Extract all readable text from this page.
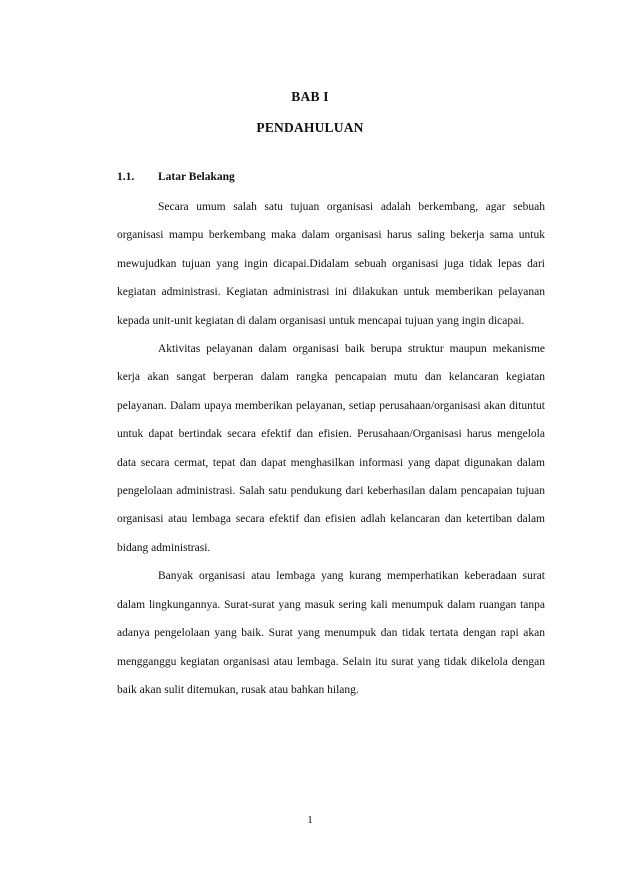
BAB I
PENDAHULUAN
1.1. Latar Belakang

Secara umum salah satu tujuan organisasi adalah berkembang, agar sebuah organisasi mampu berkembang maka dalam organisasi harus saling bekerja sama untuk mewujudkan tujuan yang ingin dicapai.Didalam sebuah organisasi juga tidak lepas dari kegiatan administrasi. Kegiatan administrasi ini dilakukan untuk memberikan pelayanan kepada unit-unit kegiatan di dalam organisasi untuk mencapai tujuan yang ingin dicapai.

Aktivitas pelayanan dalam organisasi baik berupa struktur maupun mekanisme kerja akan sangat berperan dalam rangka pencapaian mutu dan kelancaran kegiatan pelayanan. Dalam upaya memberikan pelayanan, setiap perusahaan/organisasi akan dituntut untuk dapat bertindak secara efektif dan efisien. Perusahaan/Organisasi harus mengelola data secara cermat, tepat dan dapat menghasilkan informasi yang dapat digunakan dalam pengelolaan administrasi. Salah satu pendukung dari keberhasilan dalam pencapaian tujuan organisasi atau lembaga secara efektif dan efisien adlah kelancaran dan ketertiban dalam bidang administrasi.

Banyak organisasi atau lembaga yang kurang memperhatikan keberadaan surat dalam lingkungannya. Surat-surat yang masuk sering kali menumpuk dalam ruangan tanpa adanya pengelolaan yang baik. Surat yang menumpuk dan tidak tertata dengan rapi akan mengganggu kegiatan organisasi atau lembaga. Selain itu surat yang tidak dikelola dengan baik akan sulit ditemukan, rusak atau bahkan hilang.

1
